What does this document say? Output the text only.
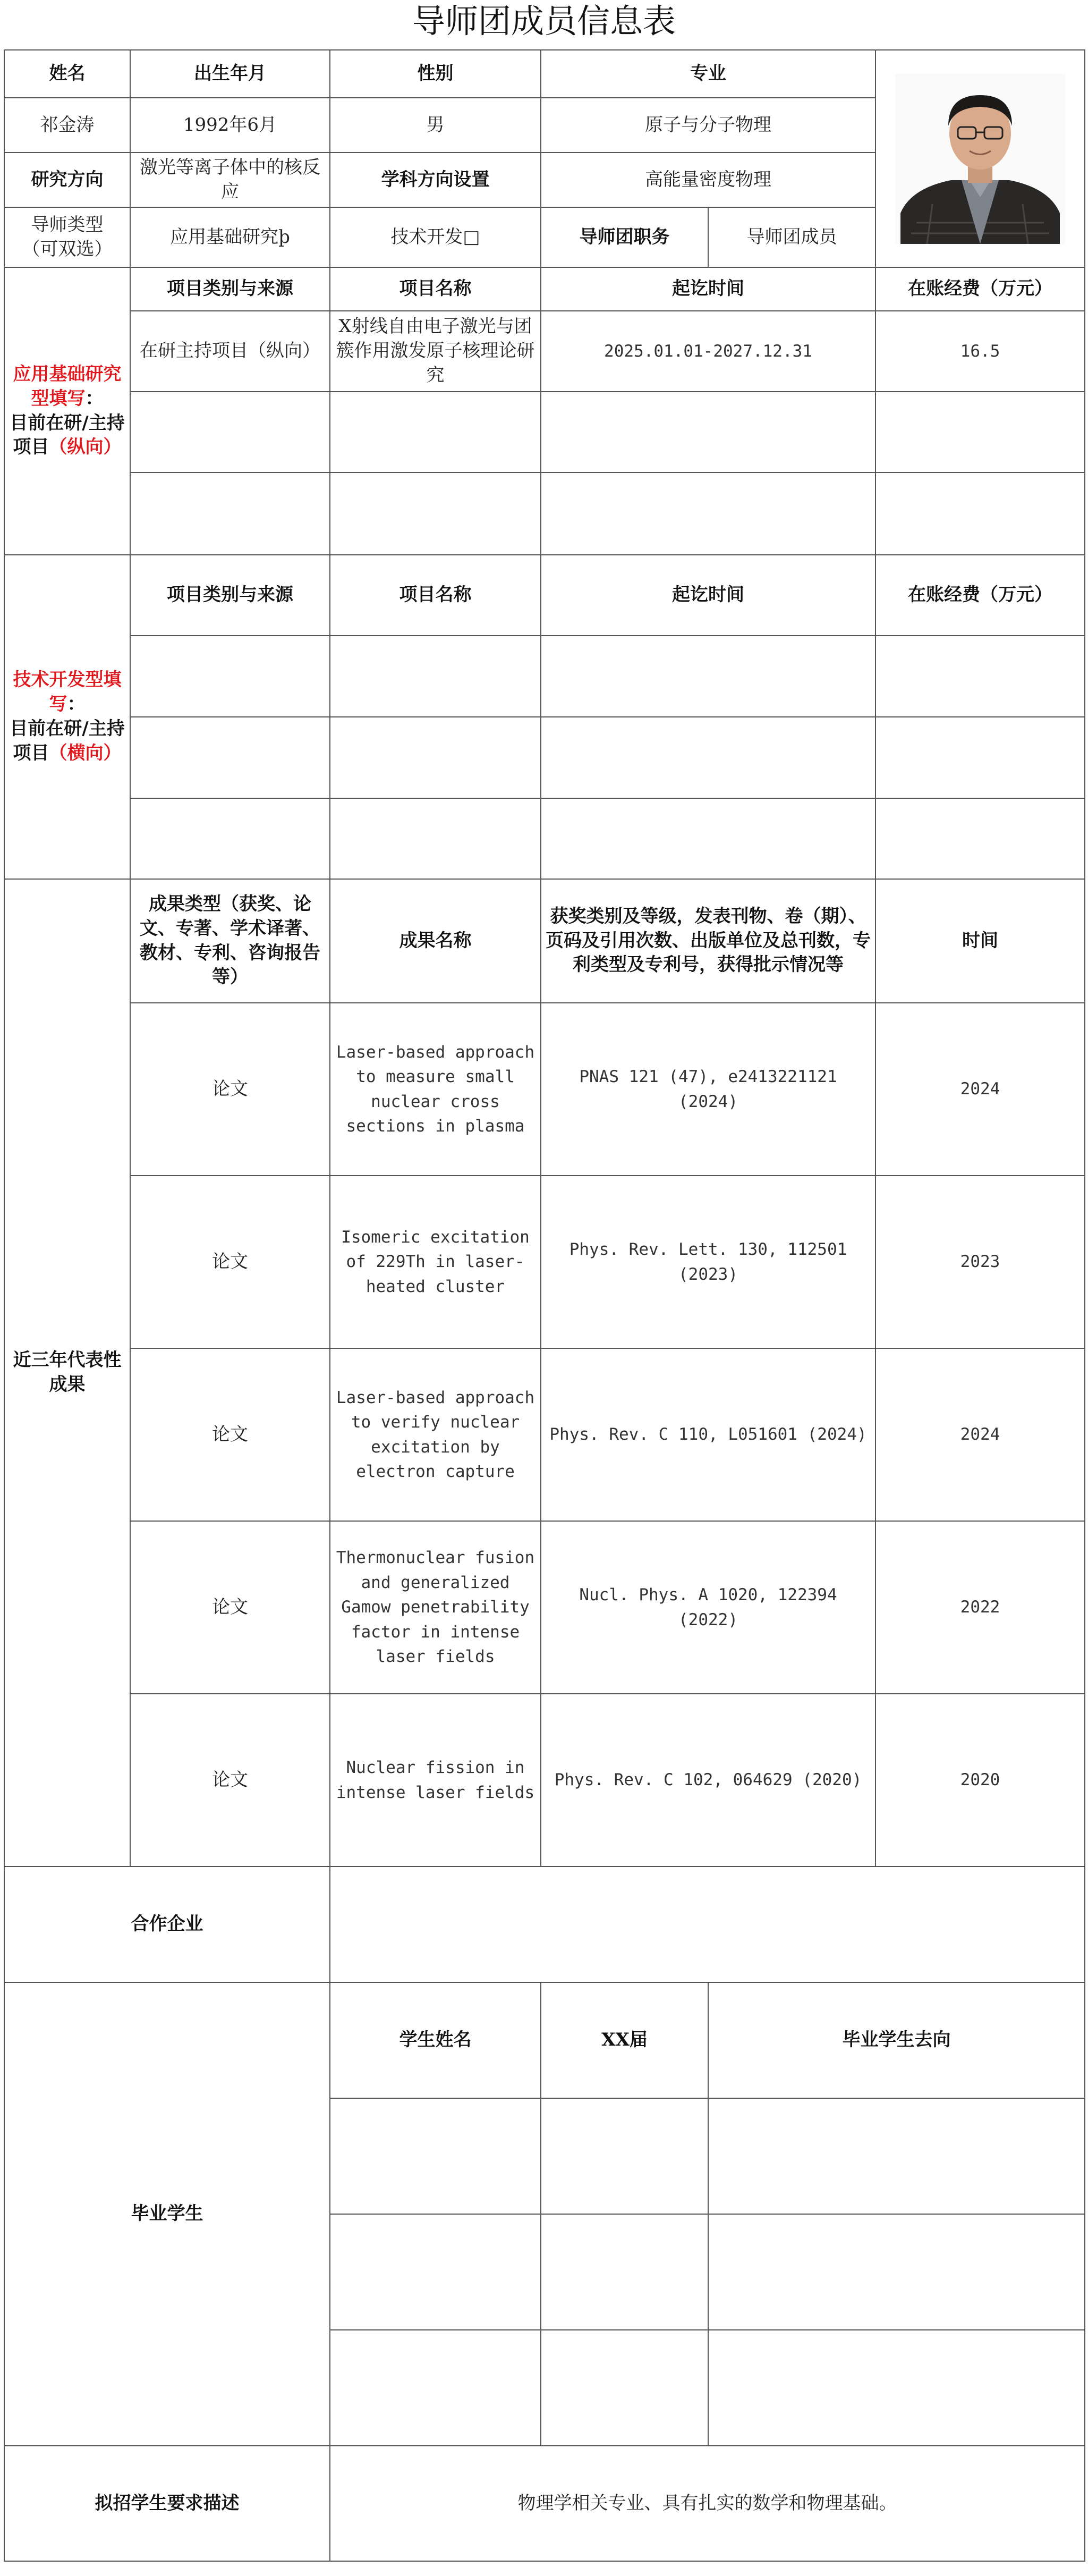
导师团成员信息表
姓名	出生年月	性别	专业	

祁金涛	1992年6月	男	原子与分子物理		
研究方向	激光等离子体中的核反应	学科方向设置	高能量密度物理		
导师类型
（可双选）	应用基础研究þ	技术开发□	导师团职务	导师团成员	
应用基础研究型填写：
目前在研/主持项目（纵向）	项目类别与来源	项目名称	起讫时间		在账经费（万元）
	在研主持项目（纵向）	X射线自由电子激光与团簇作用激发原子核理论研究	2025.01.01-2027.12.31		16.5

技术开发型填写：
目前在研/主持项目（横向）	项目类别与来源	项目名称	起讫时间		在账经费（万元）

近三年代表性成果	成果类型（获奖、论文、专著、学术译著、教材、专利、咨询报告等）	成果名称	获奖类别及等级，发表刊物、卷（期）、页码及引用次数、出版单位及总刊数，专利类型及专利号，获得批示情况等		时间
	论文	Laser-based approach to measure small nuclear cross sections in plasma	PNAS 121 (47), e2413221121 (2024)		2024
	论文	Isomeric excitation of 229Th in laser-heated cluster	Phys. Rev. Lett. 130, 112501 (2023)		2023
	论文	Laser-based approach to verify nuclear excitation by electron capture	Phys. Rev. C 110, L051601 (2024)		2024
	论文	Thermonuclear fusion and generalized Gamow penetrability factor in intense laser fields	Nucl. Phys. A 1020, 122394 (2022)		2022
	论文	Nuclear fission in intense laser fields	Phys. Rev. C 102, 064629 (2020)		2020
合作企业					
毕业学生		学生姓名	XX届	毕业学生去向	

拟招学生要求描述		物理学相关专业、具有扎实的数学和物理基础。			
